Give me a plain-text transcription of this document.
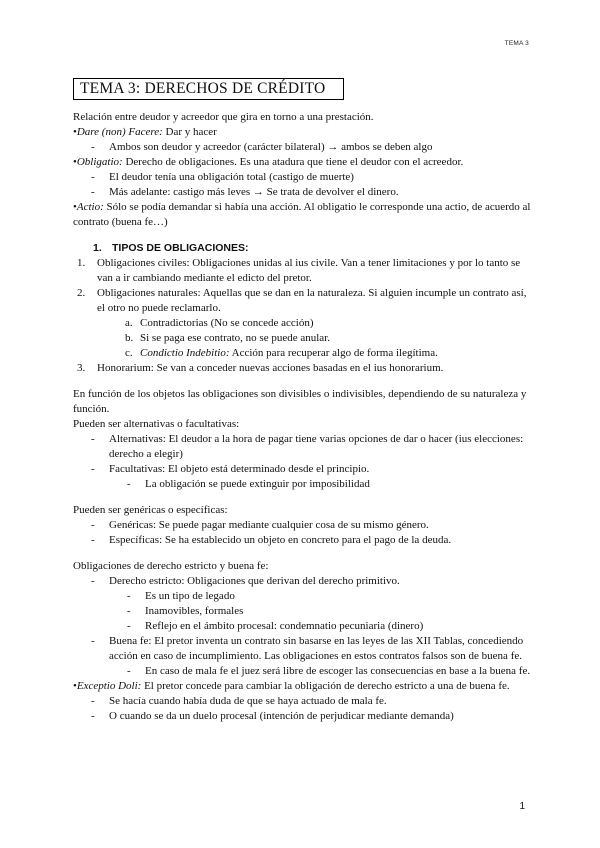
TEMA 3
TEMA 3: DERECHOS DE CRÉDITO

Relación entre deudor y acreedor que gira en torno a una prestación.

•Dare (non) Facere: Dar y hacer

-	Ambos son deudor y acreedor (carácter bilateral) → ambos se deben algo

•Obligatio: Derecho de obligaciones. Es una atadura que tiene el deudor con el acreedor.

-	El deudor tenía una obligación total (castigo de muerte)
-	Más adelante: castigo más leves → Se trata de devolver el dinero.

•Actio: Sólo se podía demandar si había una acción. Al obligatio le corresponde una actio, de acuerdo al contrato (buena fe…)

1. TIPOS DE OBLIGACIONES:
1.	Obligaciones civiles: Obligaciones unidas al ius civile. Van a tener limitaciones y por lo tanto se van a ir cambiando mediante el edicto del pretor.
2.	Obligaciones naturales: Aquellas que se dan en la naturaleza. Si alguien incumple un contrato así, el otro no puede reclamarlo.
a. Contradictorias (No se concede acción)
b. Si se paga ese contrato, no se puede anular.
c. Condictio Indebitio: Acción para recuperar algo de forma ilegítima.
3.	Honorarium: Se van a conceder nuevas acciones basadas en el ius honorarium.

En función de los objetos las obligaciones son divisibles o indivisibles, dependiendo de su naturaleza y función.

Pueden ser alternativas o facultativas:

-	Alternativas: El deudor a la hora de pagar tiene varias opciones de dar o hacer (ius elecciones: derecho a elegir)
-	Facultativas: El objeto está determinado desde el principio.
-	La obligación se puede extinguir por imposibilidad

Pueden ser genéricas o específicas:

-	Genéricas: Se puede pagar mediante cualquier cosa de su mismo género.
-	Específicas: Se ha establecido un objeto en concreto para el pago de la deuda.

Obligaciones de derecho estricto y buena fe:

-	Derecho estricto: Obligaciones que derivan del derecho primitivo.
-	Es un tipo de legado
-	Inamovibles, formales
-	Reflejo en el ámbito procesal: condemnatio pecuniaria (dinero)
-	Buena fe: El pretor inventa un contrato sin basarse en las leyes de las XII Tablas, concediendo acción en caso de incumplimiento. Las obligaciones en estos contratos falsos son de buena fe.
-	En caso de mala fe el juez será libre de escoger las consecuencias en base a la buena fe.

•Exceptio Doli: El pretor concede para cambiar la obligación de derecho estricto a una de buena fe.

-	Se hacía cuando había duda de que se haya actuado de mala fe.
-	O cuando se da un duelo procesal (intención de perjudicar mediante demanda)
1
